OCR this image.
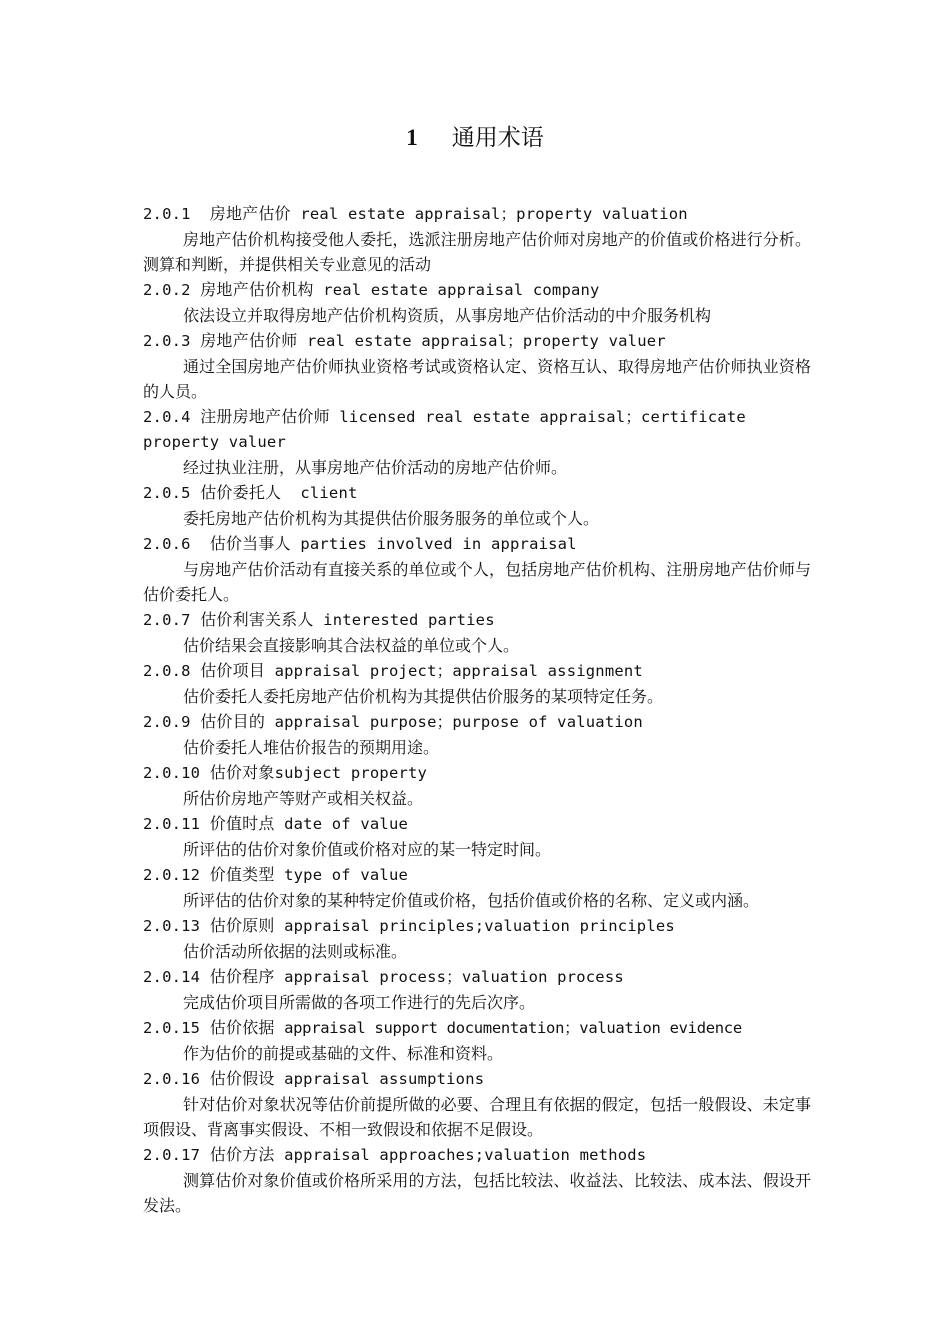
1 通用术语

2.0.1 房地产估价 real estate appraisal；property valuation

房地产估价机构接受他人委托，选派注册房地产估价师对房地产的价值或价格进行分析。测算和判断，并提供相关专业意见的活动

2.0.2 房地产估价机构 real estate appraisal company

依法设立并取得房地产估价机构资质，从事房地产估价活动的中介服务机构

2.0.3 房地产估价师 real estate appraisal；property valuer

通过全国房地产估价师执业资格考试或资格认定、资格互认、取得房地产估价师执业资格的人员。

2.0.4 注册房地产估价师 licensed real estate appraisal；certificate property valuer

经过执业注册，从事房地产估价活动的房地产估价师。

2.0.5 估价委托人 client

委托房地产估价机构为其提供估价服务服务的单位或个人。

2.0.6 估价当事人 parties involved in appraisal

与房地产估价活动有直接关系的单位或个人，包括房地产估价机构、注册房地产估价师与估价委托人。

2.0.7 估价利害关系人 interested parties

估价结果会直接影响其合法权益的单位或个人。

2.0.8 估价项目 appraisal project；appraisal assignment

估价委托人委托房地产估价机构为其提供估价服务的某项特定任务。

2.0.9 估价目的 appraisal purpose；purpose of valuation

估价委托人堆估价报告的预期用途。

2.0.10 估价对象subject property

所估价房地产等财产或相关权益。

2.0.11 价值时点 date of value

所评估的估价对象价值或价格对应的某一特定时间。

2.0.12 价值类型 type of value

所评估的估价对象的某种特定价值或价格，包括价值或价格的名称、定义或内涵。

2.0.13 估价原则 appraisal principles;valuation principles

估价活动所依据的法则或标准。

2.0.14 估价程序 appraisal process；valuation process

完成估价项目所需做的各项工作进行的先后次序。

2.0.15 估价依据 appraisal support documentation；valuation evidence

作为估价的前提或基础的文件、标准和资料。

2.0.16 估价假设 appraisal assumptions

针对估价对象状况等估价前提所做的必要、合理且有依据的假定，包括一般假设、未定事项假设、背离事实假设、不相一致假设和依据不足假设。

2.0.17 估价方法 appraisal approaches;valuation methods

测算估价对象价值或价格所采用的方法，包括比较法、收益法、比较法、成本法、假设开发法。
